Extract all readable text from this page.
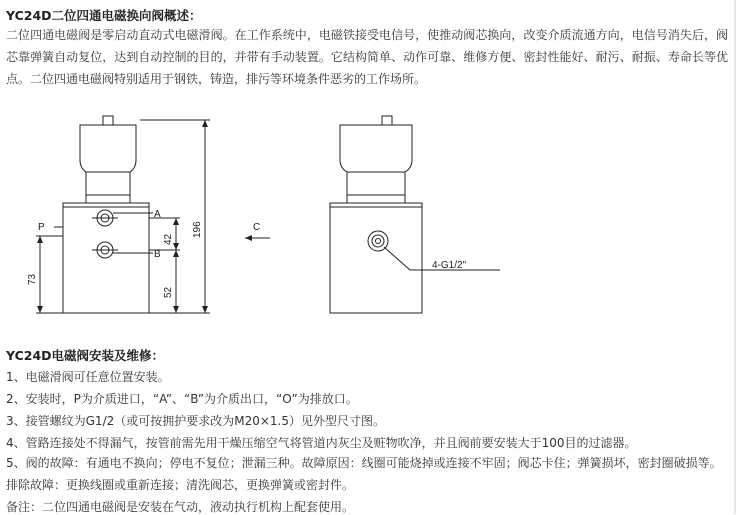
YC24D二位四通电磁换向阀概述：
二位四通电磁阀是零启动直动式电磁滑阀。在工作系统中，电磁铁接受电信号，使推动阀芯换向，改变介质流通方向，电信号消失后，阀芯靠弹簧自动复位，达到自动控制的目的，并带有手动装置。它结构简单、动作可靠、维修方便、密封性能好、耐污、耐振、寿命长等优点。二位四通电磁阀特别适用于钢铁，铸造，排污等环境条件恶劣的工作场所。
A
B
P	C
4-G1/2"
42
52
196
73
YC24D电磁阀安装及维修：
1、电磁滑阀可任意位置安装。
2、安装时，P为介质进口，“A”、“B”为介质出口，“O”为排放口。
3、接管螺纹为G1/2（或可按拥护要求改为M20×1.5）见外型尺寸图。
4、管路连接处不得漏气，按管前需先用干燥压缩空气将管道内灰尘及赃物吹净，并且阀前要安装大于100目的过滤器。
5、阀的故障：有通电不换向；停电不复位；泄漏三种。故障原因：线圈可能烧掉或连接不牢固；阀芯卡住；弹簧损坏，密封圈破损等。排除故障：更换线圈或重新连接；清洗阀芯，更换弹簧或密封件。
备注：二位四通电磁阀是安装在气动，液动执行机构上配套使用。
